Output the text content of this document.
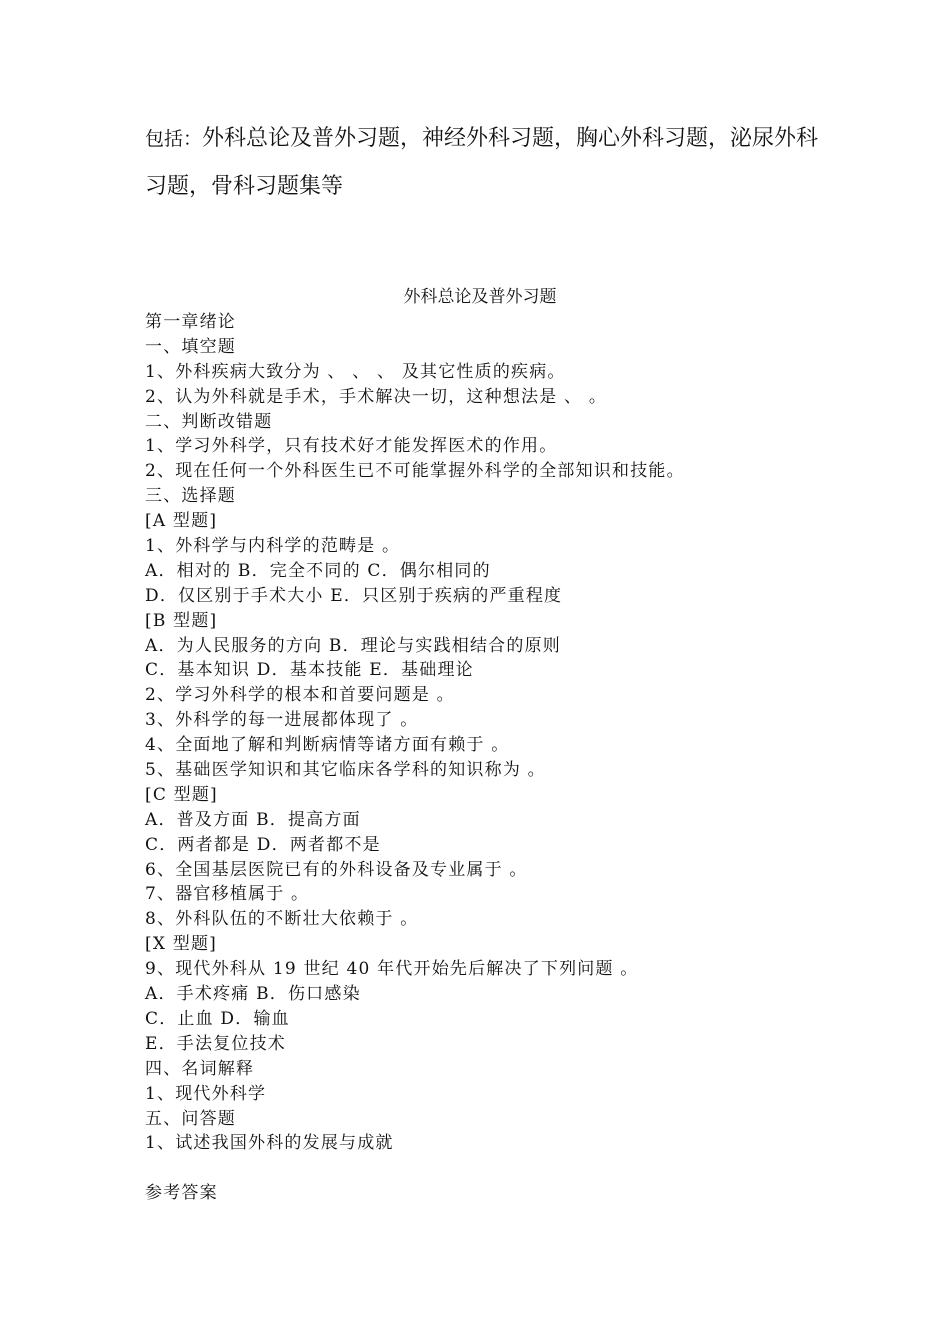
包括：外科总论及普外习题，神经外科习题，胸心外科习题，泌尿外科习题，骨科习题集等
外科总论及普外习题
第一章绪论
一、填空题
1、外科疾病大致分为 、 、 、 及其它性质的疾病。
2、认为外科就是手术，手术解决一切，这种想法是 、 。
二、判断改错题
1、学习外科学，只有技术好才能发挥医术的作用。
2、现在任何一个外科医生已不可能掌握外科学的全部知识和技能。
三、选择题
[A 型题]
1、外科学与内科学的范畴是 。
A．相对的 B．完全不同的 C．偶尔相同的
D．仅区别于手术大小 E．只区别于疾病的严重程度
[B 型题]
A．为人民服务的方向 B．理论与实践相结合的原则
C．基本知识 D．基本技能 E．基础理论
2、学习外科学的根本和首要问题是 。
3、外科学的每一进展都体现了 。
4、全面地了解和判断病情等诸方面有赖于 。
5、基础医学知识和其它临床各学科的知识称为 。
[C 型题]
A．普及方面 B．提高方面
C．两者都是 D．两者都不是
6、全国基层医院已有的外科设备及专业属于 。
7、器官移植属于 。
8、外科队伍的不断壮大依赖于 。
[X 型题]
9、现代外科从 19 世纪 40 年代开始先后解决了下列问题 。
A．手术疼痛 B．伤口感染
C．止血 D．输血
E．手法复位技术
四、名词解释
1、现代外科学
五、问答题
1、试述我国外科的发展与成就
参考答案
